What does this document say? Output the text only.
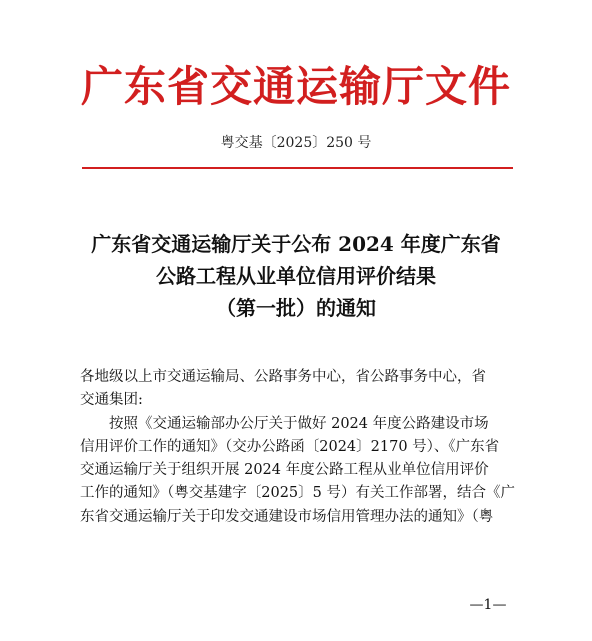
广东省交通运输厅文件
粤交基〔2025〕250 号
广东省交通运输厅关于公布 2024 年度广东省
公路工程从业单位信用评价结果
（第一批）的通知
各地级以上市交通运输局、公路事务中心，省公路事务中心，省
交通集团:
按照《交通运输部办公厅关于做好 2024 年度公路建设市场
信用评价工作的通知》（交办公路函〔2024〕2170 号）、《广东省
交通运输厅关于组织开展 2024 年度公路工程从业单位信用评价
工作的通知》（粤交基建字〔2025〕5 号）有关工作部署，结合《广
东省交通运输厅关于印发交通建设市场信用管理办法的通知》（粤
—1—
